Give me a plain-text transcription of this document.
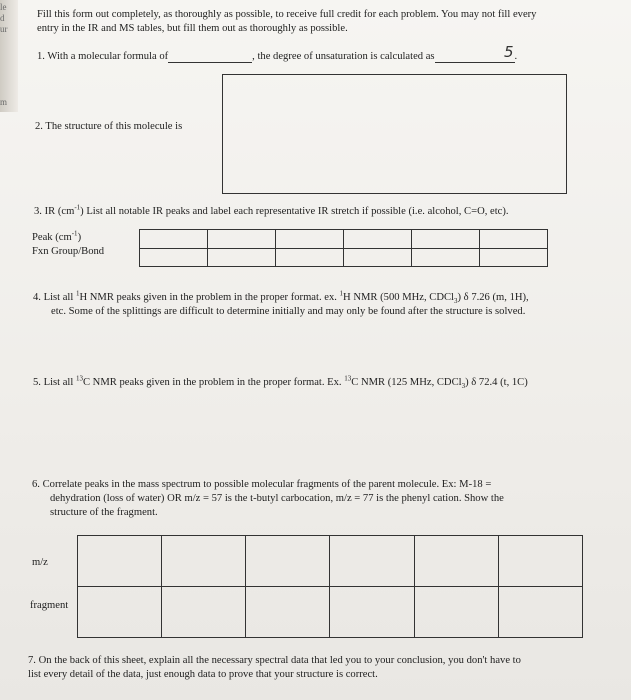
le
d
ur
m
Fill this form out completely, as thoroughly as possible, to receive full credit for each problem. You may not fill every
entry in the IR and MS tables, but fill them out as thoroughly as possible.
1. With a molecular formula of	, the degree of unsaturation is calculated as	.
5
2. The structure of this molecule is
3. IR $(cm^{-1})$ List all notable IR peaks and label each representative IR stretch if possible (i.e. alcohol, C=O, etc).
Peak $(cm^{-1})$
Fxn Group/Bond

4. List all $^1$H NMR peaks given in the problem in the proper format. ex. $^1$H NMR (500 MHz, CDCl$_3$) δ 7.26 (m, 1H),
etc. Some of the splittings are difficult to determine initially and may only be found after the structure is solved.
5. List all $^{13}$C NMR peaks given in the problem in the proper format. Ex. $^{13}$C NMR (125 MHz, CDCl$_3$) δ 72.4 (t, 1C)
6. Correlate peaks in the mass spectrum to possible molecular fragments of the parent molecule. Ex: M-18 =
dehydration (loss of water) OR m/z = 57 is the t-butyl carbocation, m/z = 77 is the phenyl cation. Show the
structure of the fragment.
m/z
fragment

7. On the back of this sheet, explain all the necessary spectral data that led you to your conclusion, you don't have to
list every detail of the data, just enough data to prove that your structure is correct.
